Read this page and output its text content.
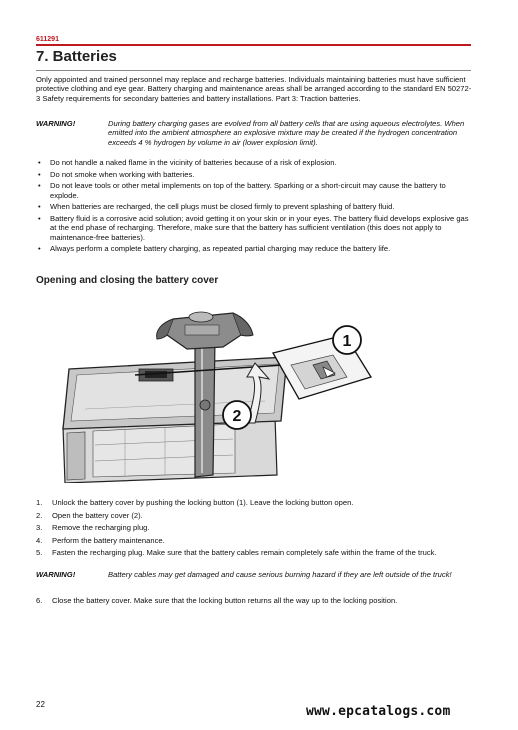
611291
7. Batteries
Only appointed and trained personnel may replace and recharge batteries. Individuals maintaining batteries must have sufficient protective clothing and eye gear. Battery charging and maintenance areas shall be arranged according to the standard EN 50272-3 Safety requirements for secondary batteries and battery installations. Part 3: Traction batteries.
WARNING!	During battery charging gases are evolved from all battery cells that are using aqueous electrolytes. When emitted into the ambient atmosphere an explosive mixture may be created if the hydrogen concentration exceeds 4 % hydrogen by volume in air (lower explosion limit).
• Do not handle a naked flame in the vicinity of batteries because of a risk of explosion.
• Do not smoke when working with batteries.
• Do not leave tools or other metal implements on top of the battery. Sparking or a short-circuit may cause the battery to explode.
• When batteries are recharged, the cell plugs must be closed firmly to prevent splashing of battery fluid.
• Battery fluid is a corrosive acid solution; avoid getting it on your skin or in your eyes. The battery fluid develops explosive gas at the end phase of recharging. Therefore, make sure that the battery has sufficient ventilation (this does not apply to maintenance-free batteries).
• Always perform a complete battery charging, as repeated partial charging may reduce the battery life.
Opening and closing the battery cover
1
2
1. Unlock the battery cover by pushing the locking button (1). Leave the locking button open.
2. Open the battery cover (2).
3. Remove the recharging plug.
4. Perform the battery maintenance.
5. Fasten the recharging plug. Make sure that the battery cables remain completely safe within the frame of the truck.
WARNING!	Battery cables may get damaged and cause serious burning hazard if they are left outside of the truck!
6. Close the battery cover. Make sure that the locking button returns all the way up to the locking position.
22	www.epcatalogs.com
